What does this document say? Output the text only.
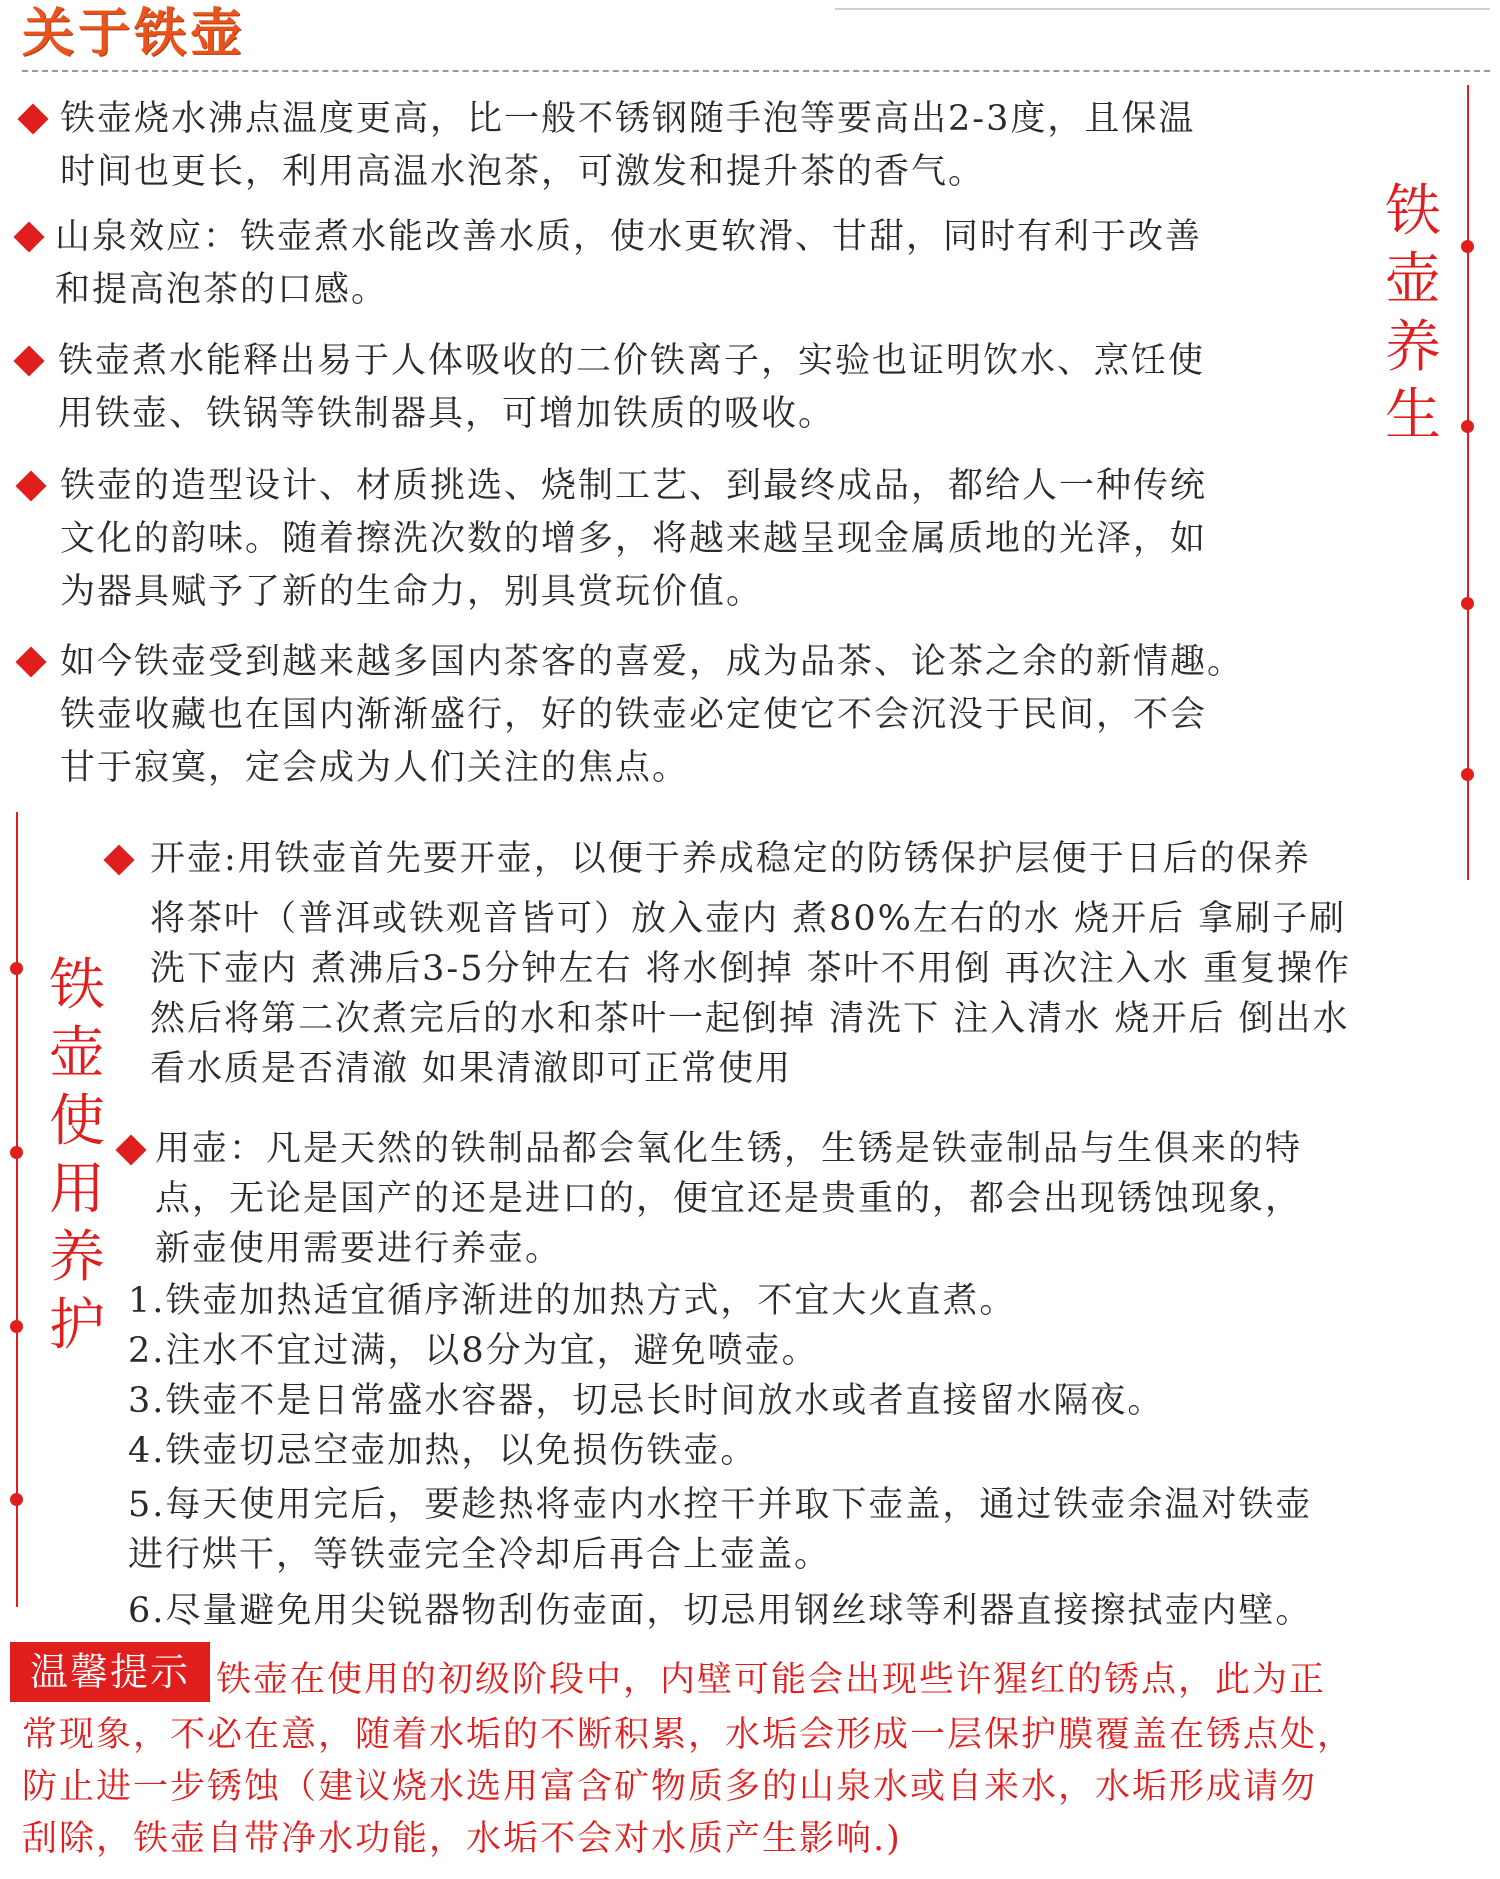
关于铁壶
铁
壶
养
生
铁壶烧水沸点温度更高，比一般不锈钢随手泡等要高出2-3度，且保温
时间也更长，利用高温水泡茶，可激发和提升茶的香气。
山泉效应：铁壶煮水能改善水质，使水更软滑、甘甜，同时有利于改善
和提高泡茶的口感。
铁壶煮水能释出易于人体吸收的二价铁离子，实验也证明饮水、烹饪使
用铁壶、铁锅等铁制器具，可增加铁质的吸收。
铁壶的造型设计、材质挑选、烧制工艺、到最终成品，都给人一种传统
文化的韵味。随着擦洗次数的增多，将越来越呈现金属质地的光泽，如
为器具赋予了新的生命力，别具赏玩价值。
如今铁壶受到越来越多国内茶客的喜爱，成为品茶、论茶之余的新情趣。
铁壶收藏也在国内渐渐盛行，好的铁壶必定使它不会沉没于民间，不会
甘于寂寞，定会成为人们关注的焦点。
铁
壶
使
用
养
护
开壶:用铁壶首先要开壶，以便于养成稳定的防锈保护层便于日后的保养
将茶叶（普洱或铁观音皆可）放入壶内 煮80%左右的水 烧开后 拿刷子刷
洗下壶内 煮沸后3-5分钟左右 将水倒掉 茶叶不用倒 再次注入水 重复操作
然后将第二次煮完后的水和茶叶一起倒掉 清洗下 注入清水 烧开后 倒出水
看水质是否清澈 如果清澈即可正常使用
用壶：凡是天然的铁制品都会氧化生锈，生锈是铁壶制品与生俱来的特
点，无论是国产的还是进口的，便宜还是贵重的，都会出现锈蚀现象，
新壶使用需要进行养壶。
1.铁壶加热适宜循序渐进的加热方式，不宜大火直煮。
2.注水不宜过满，以8分为宜，避免喷壶。
3.铁壶不是日常盛水容器，切忌长时间放水或者直接留水隔夜。
4.铁壶切忌空壶加热，以免损伤铁壶。
5.每天使用完后，要趁热将壶内水控干并取下壶盖，通过铁壶余温对铁壶
进行烘干，等铁壶完全冷却后再合上壶盖。
6.尽量避免用尖锐器物刮伤壶面，切忌用钢丝球等利器直接擦拭壶内壁。
温馨提示 铁壶在使用的初级阶段中，内壁可能会出现些许猩红的锈点，此为正
常现象，不必在意，随着水垢的不断积累，水垢会形成一层保护膜覆盖在锈点处，
防止进一步锈蚀（建议烧水选用富含矿物质多的山泉水或自来水，水垢形成请勿
刮除，铁壶自带净水功能，水垢不会对水质产生影响.)
